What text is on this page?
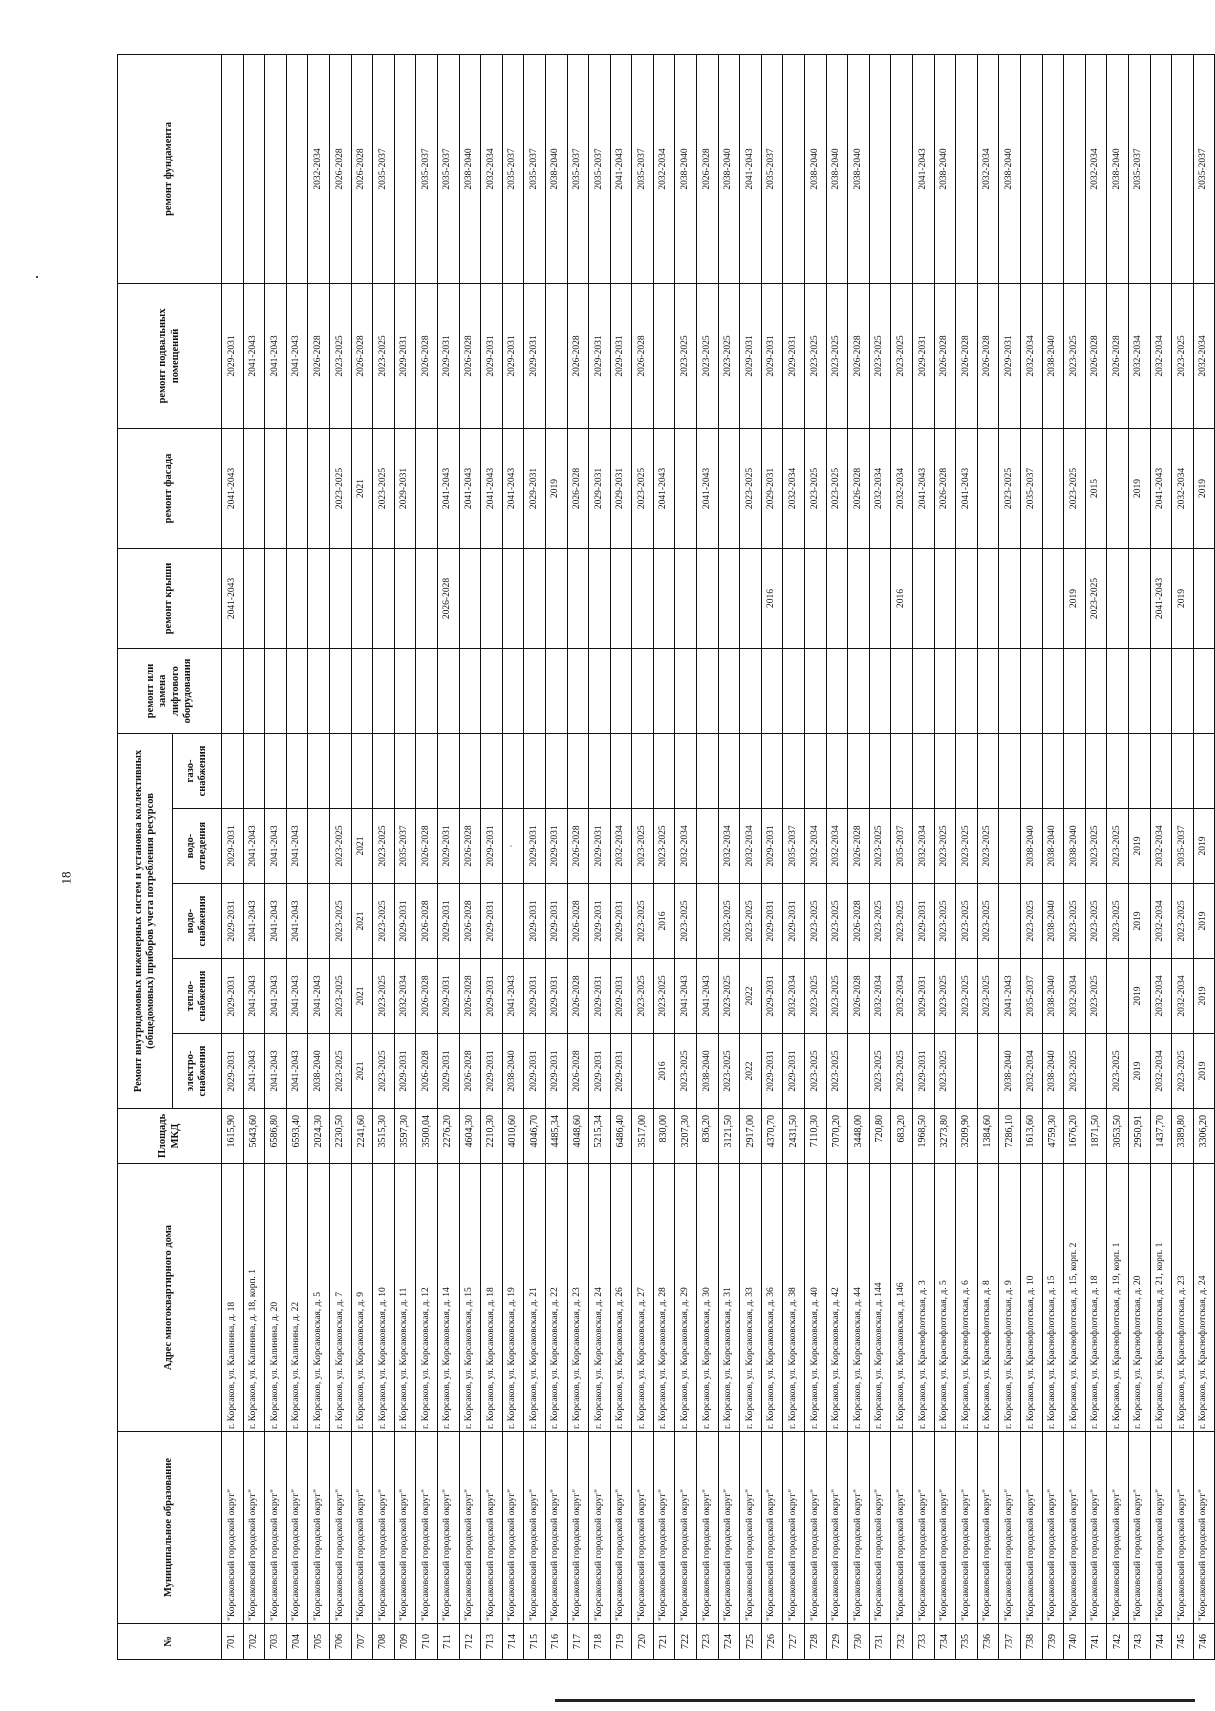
18
№	Муниципальное образование	Адрес многоквартирного дома	Площадь МКД	Ремонт внутридомовых инженерных систем и установка коллективных (общедомовых) приборов учета потребления ресурсов					ремонт или замена лифтового оборудования	ремонт крыши	ремонт фасада	ремонт подвальных помещений	ремонт фундамента
				электро-снабжения	тепло-снабжения	водо-снабжения	водо-отведения	газо-снабжения					
701	"Корсаковский городской округ"	г. Корсаков, ул. Калинина, д. 18	1615,90	2029-2031	2029-2031	2029-2031	2029-2031			2041-2043	2041-2043	2029-2031	
702	"Корсаковский городской округ"	г. Корсаков, ул. Калинина, д. 18, корп. 1	5643,60	2041-2043	2041-2043	2041-2043	2041-2043					2041-2043	
703	"Корсаковский городской округ"	г. Корсаков, ул. Калинина, д. 20	6586,80	2041-2043	2041-2043	2041-2043	2041-2043					2041-2043	
704	"Корсаковский городской округ"	г. Корсаков, ул. Калинина, д. 22	6593,40	2041-2043	2041-2043	2041-2043	2041-2043					2041-2043	
705	"Корсаковский городской округ"	г. Корсаков, ул. Корсаковская, д. 5	2024,30	2038-2040	2041-2043							2026-2028	2032-2034
706	"Корсаковский городской округ"	г. Корсаков, ул. Корсаковская, д. 7	2230,50	2023-2025	2023-2025	2023-2025	2023-2025				2023-2025	2023-2025	2026-2028
707	"Корсаковский городской округ"	г. Корсаков, ул. Корсаковская, д. 9	2241,60	2021	2021	2021	2021				2021	2026-2028	2026-2028
708	"Корсаковский городской округ"	г. Корсаков, ул. Корсаковская, д. 10	3515,30	2023-2025	2023-2025	2023-2025	2023-2025				2023-2025	2023-2025	2035-2037
709	"Корсаковский городской округ"	г. Корсаков, ул. Корсаковская, д. 11	3597,30	2029-2031	2032-2034	2029-2031	2035-2037				2029-2031	2029-2031	
710	"Корсаковский городской округ"	г. Корсаков, ул. Корсаковская, д. 12	3500,04	2026-2028	2026-2028	2026-2028	2026-2028					2026-2028	2035-2037
711	"Корсаковский городской округ"	г. Корсаков, ул. Корсаковская, д. 14	2276,20	2029-2031	2029-2031	2029-2031	2029-2031			2026-2028	2041-2043	2029-2031	2035-2037
712	"Корсаковский городской округ"	г. Корсаков, ул. Корсаковская, д. 15	4604,30	2026-2028	2026-2028	2026-2028	2026-2028				2041-2043	2026-2028	2038-2040
713	"Корсаковский городской округ"	г. Корсаков, ул. Корсаковская, д. 18	2210,30	2029-2031	2029-2031	2029-2031	2029-2031				2041-2043	2029-2031	2032-2034
714	"Корсаковский городской округ"	г. Корсаков, ул. Корсаковская, д. 19	4010,60	2038-2040	2041-2043		·				2041-2043	2029-2031	2035-2037
715	"Корсаковский городской округ"	г. Корсаков, ул. Корсаковская, д. 21	4046,70	2029-2031	2029-2031	2029-2031	2029-2031				2029-2031	2029-2031	2035-2037
716	"Корсаковский городской округ"	г. Корсаков, ул. Корсаковская, д. 22	4485,34	2029-2031	2029-2031	2029-2031	2029-2031				2019		2038-2040
717	"Корсаковский городской округ"	г. Корсаков, ул. Корсаковская, д. 23	4048,60	2026-2028	2026-2028	2026-2028	2026-2028				2026-2028	2026-2028	2035-2037
718	"Корсаковский городской округ"	г. Корсаков, ул. Корсаковская, д. 24	5215,34	2029-2031	2029-2031	2029-2031	2029-2031				2029-2031	2029-2031	2035-2037
719	"Корсаковский городской округ"	г. Корсаков, ул. Корсаковская, д. 26	6486,40	2029-2031	2029-2031	2029-2031	2032-2034				2029-2031	2029-2031	2041-2043
720	"Корсаковский городской округ"	г. Корсаков, ул. Корсаковская, д. 27	3517,00		2023-2025	2023-2025	2023-2025				2023-2025	2026-2028	2035-2037
721	"Корсаковский городской округ"	г. Корсаков, ул. Корсаковская, д. 28	830,00	2016	2023-2025	2016	2023-2025				2041-2043		2032-2034
722	"Корсаковский городской округ"	г. Корсаков, ул. Корсаковская, д. 29	3207,30	2023-2025	2041-2043	2023-2025	2032-2034					2023-2025	2038-2040
723	"Корсаковский городской округ"	г. Корсаков, ул. Корсаковская, д. 30	836,20	2038-2040	2041-2043						2041-2043	2023-2025	2026-2028
724	"Корсаковский городской округ"	г. Корсаков, ул. Корсаковская, д. 31	3121,50	2023-2025	2023-2025	2023-2025	2032-2034					2023-2025	2038-2040
725	"Корсаковский городской округ"	г. Корсаков, ул. Корсаковская, д. 33	2917,00	2022	2022	2023-2025	2032-2034				2023-2025	2029-2031	2041-2043
726	"Корсаковский городской округ"	г. Корсаков, ул. Корсаковская, д. 36	4370,70	2029-2031	2029-2031	2029-2031	2029-2031			2016	2029-2031	2029-2031	2035-2037
727	"Корсаковский городской округ"	г. Корсаков, ул. Корсаковская, д. 38	2431,50	2029-2031	2032-2034	2029-2031	2035-2037				2032-2034	2029-2031	
728	"Корсаковский городской округ"	г. Корсаков, ул. Корсаковская, д. 40	7110,30	2023-2025	2023-2025	2023-2025	2032-2034				2023-2025	2023-2025	2038-2040
729	"Корсаковский городской округ"	г. Корсаков, ул. Корсаковская, д. 42	7070,20	2023-2025	2023-2025	2023-2025	2032-2034				2023-2025	2023-2025	2038-2040
730	"Корсаковский городской округ"	г. Корсаков, ул. Корсаковская, д. 44	3448,00		2026-2028	2026-2028	2026-2028				2026-2028	2026-2028	2038-2040
731	"Корсаковский городской округ"	г. Корсаков, ул. Корсаковская, д. 144	720,80	2023-2025	2032-2034	2023-2025	2023-2025				2032-2034	2023-2025	
732	"Корсаковский городской округ"	г. Корсаков, ул. Корсаковская, д. 146	683,20	2023-2025	2032-2034	2023-2025	2035-2037			2016	2032-2034	2023-2025	
733	"Корсаковский городской округ"	г. Корсаков, ул. Краснофлотская, д. 3	1968,50	2029-2031	2029-2031	2029-2031	2032-2034				2041-2043	2029-2031	2041-2043
734	"Корсаковский городской округ"	г. Корсаков, ул. Краснофлотская, д. 5	3273,80	2023-2025	2023-2025	2023-2025	2023-2025				2026-2028	2026-2028	2038-2040
735	"Корсаковский городской округ"	г. Корсаков, ул. Краснофлотская, д. 6	3209,90		2023-2025	2023-2025	2023-2025				2041-2043	2026-2028	
736	"Корсаковский городской округ"	г. Корсаков, ул. Краснофлотская, д. 8	1384,60		2023-2025	2023-2025	2023-2025					2026-2028	2032-2034
737	"Корсаковский городской округ"	г. Корсаков, ул. Краснофлотская, д. 9	7286,10	2038-2040	2041-2043						2023-2025	2029-2031	2038-2040
738	"Корсаковский городской округ"	г. Корсаков, ул. Краснофлотская, д. 10	1613,60	2032-2034	2035-2037	2023-2025	2038-2040				2035-2037	2032-2034	
739	"Корсаковский городской округ"	г. Корсаков, ул. Краснофлотская, д. 15	4759,30	2038-2040	2038-2040	2038-2040	2038-2040					2038-2040	
740	"Корсаковский городской округ"	г. Корсаков, ул. Краснофлотская, д. 15, корп. 2	1676,20	2023-2025	2032-2034	2023-2025	2038-2040			2019	2023-2025	2023-2025	
741	"Корсаковский городской округ"	г. Корсаков, ул. Краснофлотская, д. 18	1871,50		2023-2025	2023-2025	2023-2025			2023-2025	2015	2026-2028	2032-2034
742	"Корсаковский городской округ"	г. Корсаков, ул. Краснофлотская, д. 19, корп. 1	3053,50	2023-2025		2023-2025	2023-2025					2026-2028	2038-2040
743	"Корсаковский городской округ"	г. Корсаков, ул. Краснофлотская, д. 20	2950,91	2019	2019	2019	2019				2019	2032-2034	2035-2037
744	"Корсаковский городской округ"	г. Корсаков, ул. Краснофлотская, д. 21, корп. 1	1437,70	2032-2034	2032-2034	2032-2034	2032-2034			2041-2043	2041-2043	2032-2034	
745	"Корсаковский городской округ"	г. Корсаков, ул. Краснофлотская, д. 23	3389,80	2023-2025	2032-2034	2023-2025	2035-2037			2019	2032-2034	2023-2025	
746	"Корсаковский городской округ"	г. Корсаков, ул. Краснофлотская, д. 24	3306,20	2019	2019	2019	2019				2019	2032-2034	2035-2037
